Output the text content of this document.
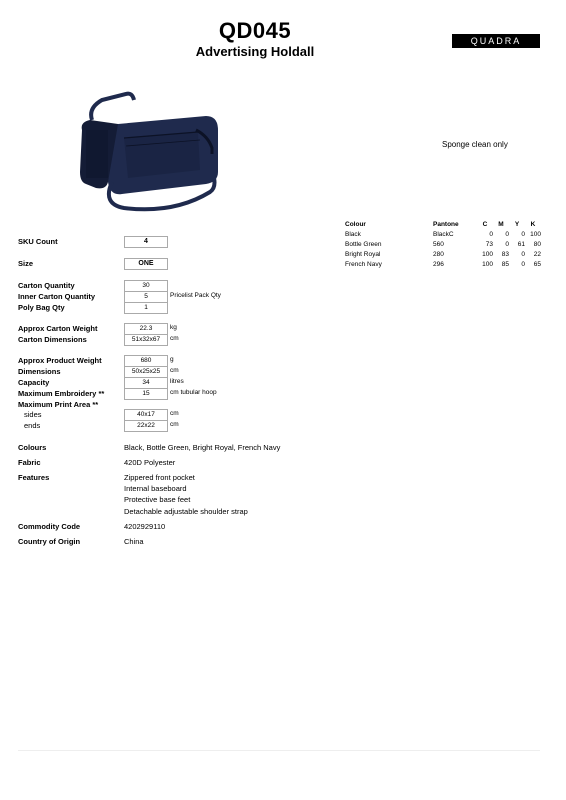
QD045
Advertising Holdall
QUADRA
Sponge clean only
Colour	Pantone	C	M	Y	K
Black	BlackC	0	0	0	100
Bottle Green	560	73	0	61	80
Bright Royal	280	100	83	0	22
French Navy	296	100	85	0	65
SKU Count	4
Size	ONE
Carton Quantity	30
Inner Carton Quantity	5	Pricelist Pack Qty
Poly Bag Qty	1
Approx Carton Weight	22.3	kg
Carton Dimensions	51x32x67	cm
Approx Product Weight	680	g
Dimensions	50x25x25	cm
Capacity	34	litres
Maximum Embroidery **	15	cm tubular hoop
Maximum Print Area **
sides	40x17	cm
ends	22x22	cm
Colours	Black, Bottle Green, Bright Royal, French Navy
Fabric	420D Polyester
Features	Zippered front pocket
Internal baseboard
Protective base feet
Detachable adjustable shoulder strap
Commodity Code	4202929110
Country of Origin	China
